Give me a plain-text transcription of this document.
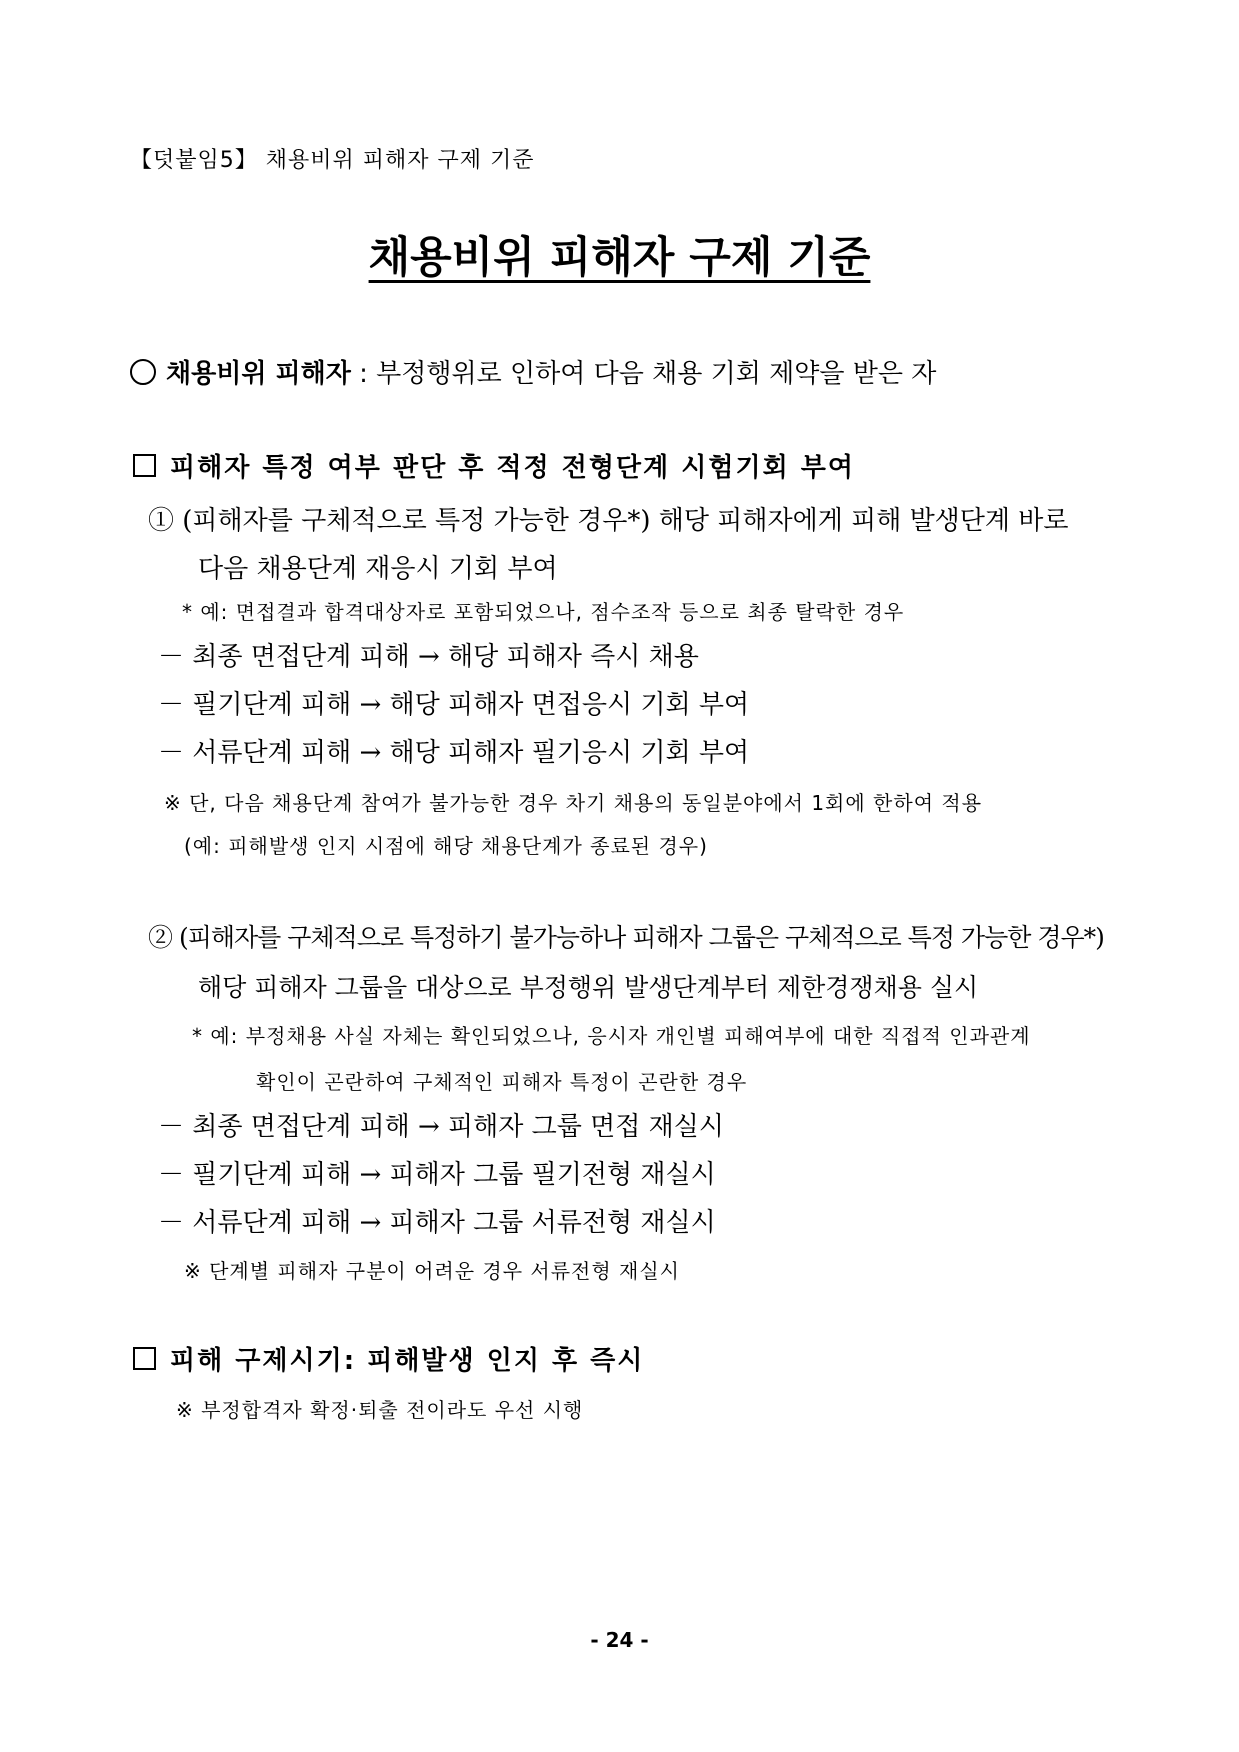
【덧붙임5】 채용비위 피해자 구제 기준
채용비위 피해자 구제 기준
채용비위 피해자 : 부정행위로 인하여 다음 채용 기회 제약을 받은 자
피해자 특정 여부 판단 후 적정 전형단계 시험기회 부여
① (피해자를 구체적으로 특정 가능한 경우*) 해당 피해자에게 피해 발생단계 바로
다음 채용단계 재응시 기회 부여
* 예: 면접결과 합격대상자로 포함되었으나, 점수조작 등으로 최종 탈락한 경우
－ 최종 면접단계 피해 → 해당 피해자 즉시 채용
－ 필기단계 피해 → 해당 피해자 면접응시 기회 부여
－ 서류단계 피해 → 해당 피해자 필기응시 기회 부여
※ 단, 다음 채용단계 참여가 불가능한 경우 차기 채용의 동일분야에서 1회에 한하여 적용
(예: 피해발생 인지 시점에 해당 채용단계가 종료된 경우)
② (피해자를 구체적으로 특정하기 불가능하나 피해자 그룹은 구체적으로 특정 가능한 경우*)
해당 피해자 그룹을 대상으로 부정행위 발생단계부터 제한경쟁채용 실시
* 예: 부정채용 사실 자체는 확인되었으나, 응시자 개인별 피해여부에 대한 직접적 인과관계
확인이 곤란하여 구체적인 피해자 특정이 곤란한 경우
－ 최종 면접단계 피해 → 피해자 그룹 면접 재실시
－ 필기단계 피해 → 피해자 그룹 필기전형 재실시
－ 서류단계 피해 → 피해자 그룹 서류전형 재실시
※ 단계별 피해자 구분이 어려운 경우 서류전형 재실시
피해 구제시기: 피해발생 인지 후 즉시
※ 부정합격자 확정·퇴출 전이라도 우선 시행
- 24 -
